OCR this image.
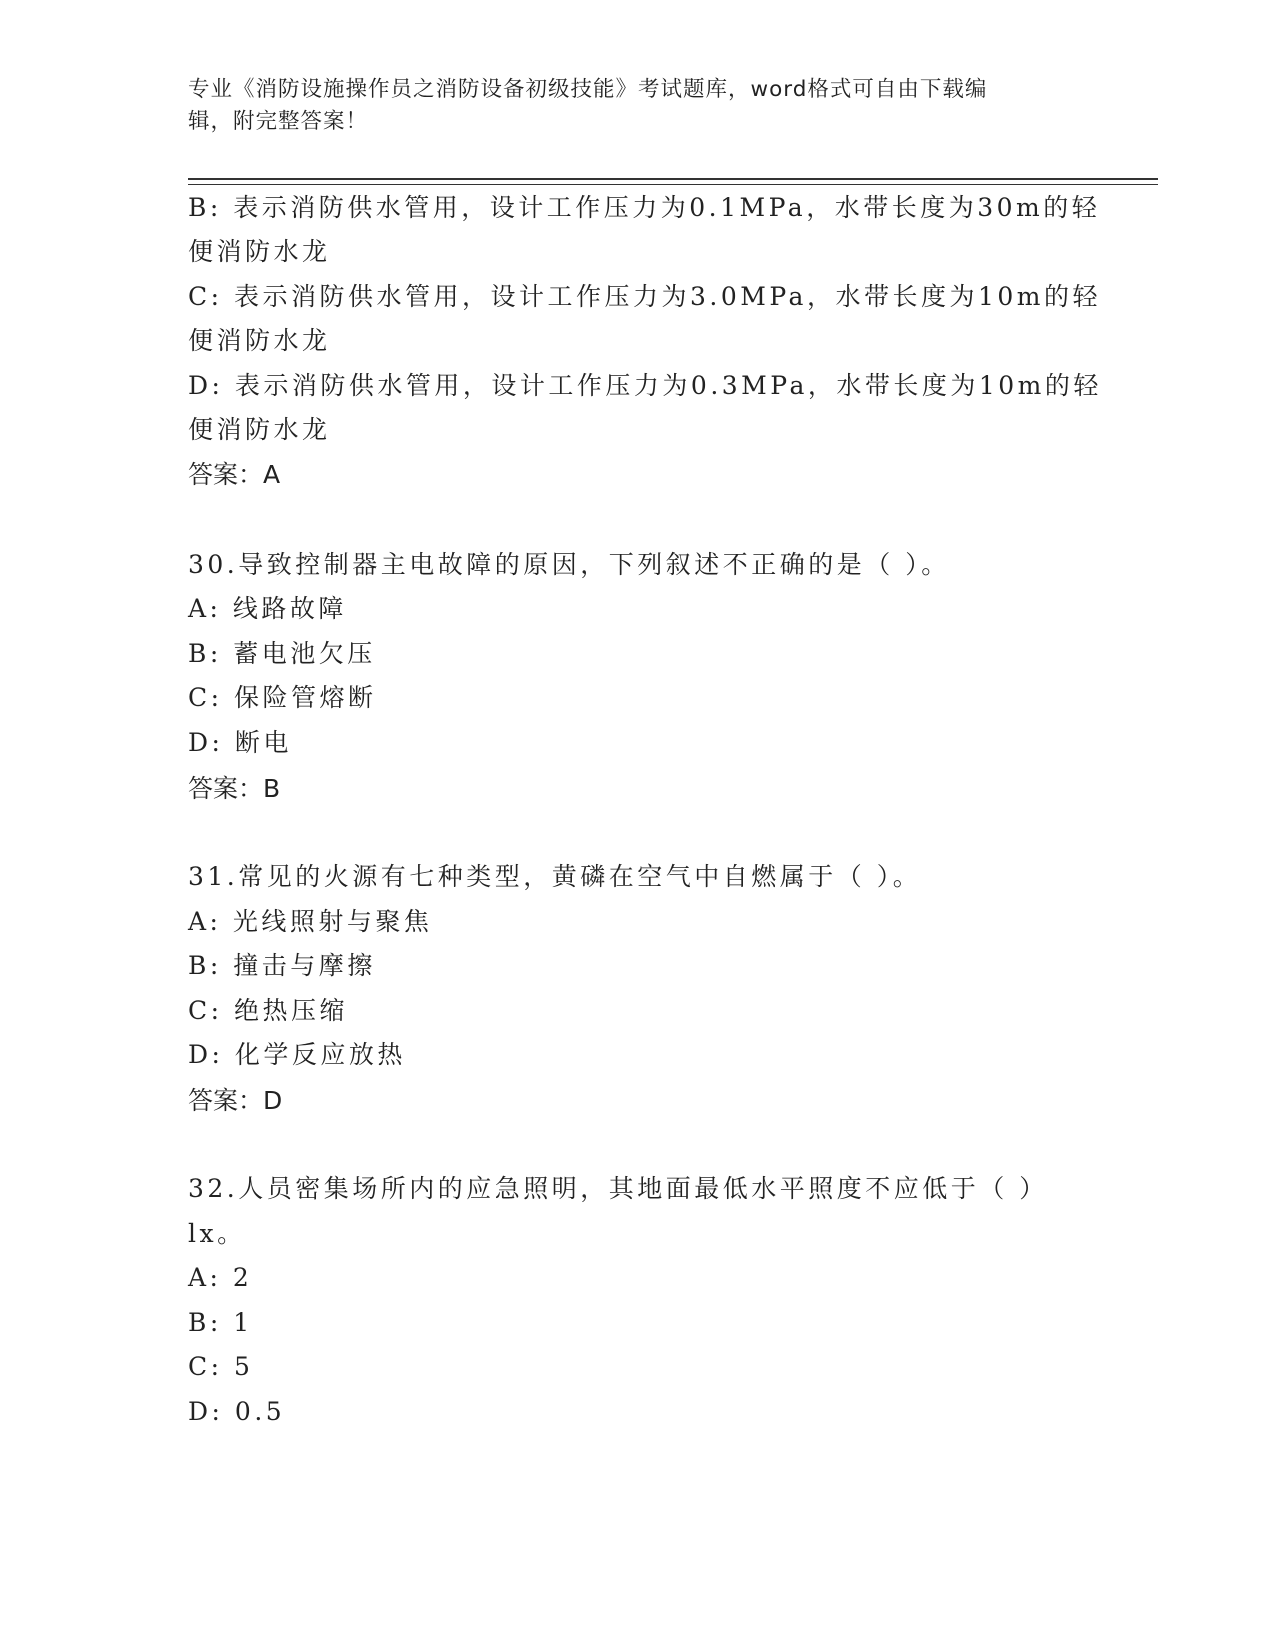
专业《消防设施操作员之消防设备初级技能》考试题库，word格式可自由下载编
辑，附完整答案！
B: 表示消防供水管用，设计工作压力为0.1MPa，水带长度为30m的轻
便消防水龙
C: 表示消防供水管用，设计工作压力为3.0MPa，水带长度为10m的轻
便消防水龙
D: 表示消防供水管用，设计工作压力为0.3MPa，水带长度为10m的轻
便消防水龙
答案：A
30.导致控制器主电故障的原因，下列叙述不正确的是（ ）。
A: 线路故障
B: 蓄电池欠压
C: 保险管熔断
D: 断电
答案：B
31.常见的火源有七种类型，黄磷在空气中自燃属于（ ）。
A: 光线照射与聚焦
B: 撞击与摩擦
C: 绝热压缩
D: 化学反应放热
答案：D
32.人员密集场所内的应急照明，其地面最低水平照度不应低于（ ）
lx。
A: 2
B: 1
C: 5
D: 0.5
